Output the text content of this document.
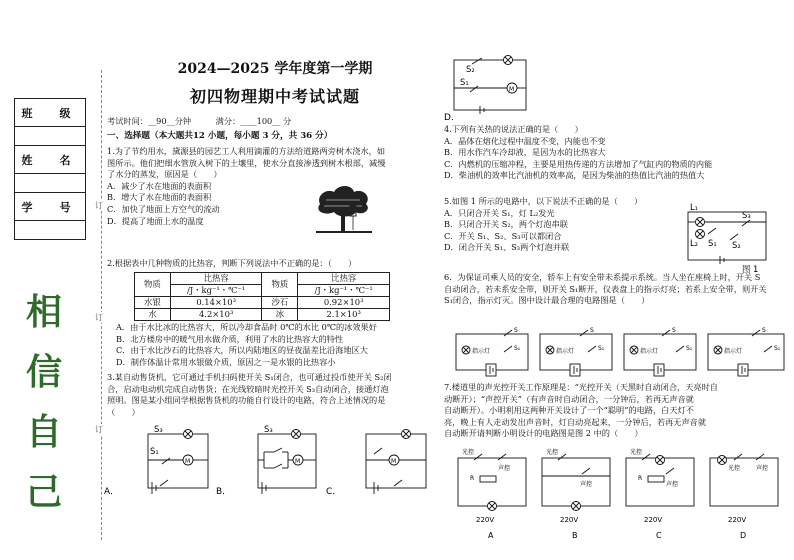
班　级

姓　名

学　号

相
信
自
己
订
订
订
2024—2025 学年度第一学期
初四物理期中考试试题
考试时间：__90__分钟　　　满分：____100__ 分
一、选择题（本大题共12 小题，每小题 3 分，共 36 分）
1.为了节约用水，黛源县的园艺工人利用滴灌的方法给道路两旁树木浇水，如
图所示。他们把细水管放入树下的土壤里，使水分直接渗透到树木根部，减慢
了水分的蒸发，原因是（　　）
A．减少了水在地面的表面积
B．增大了水在地面的表面积
C．加快了地面上方空气的流动
D．提高了地面上水的温度
2.根据表中几种物质的比热容，判断下列说法中不正确的是：（　　）
物质	比热容	物质	比热容
	/J・kg⁻¹・℃⁻¹		/J・kg⁻¹・℃⁻¹
水银	0.14×10³	沙石	0.92×10³
水	4.2×10³	冰	2.1×10³
A．由于水比冰的比热容大，所以冷却食品时 0℃的水比 0℃的冰效果好
B．北方楼房中的暖气用水做介质，利用了水的比热容大的特性
C．由于水比沙石的比热容大，所以内陆地区的昼夜温差比沿海地区大
D．制作体温计常用水银做介质，原因之一是水银的比热容小
3.某自动售货机，它可通过手机扫码使开关 S₁闭合，也可通过投币使开关 S₂闭
合，启动电动机完成自动售货；在光线较暗时光控开关 S₃自动闭合，接通灯泡
照明。图是某小组同学根据售货机的功能自行设计的电路，符合上述情况的是
（　　）
S₃
S₁
M
A．
S₃
M
B．
M
C．
S₂
S₁
M
D.
4.下列有关热的说法正确的是（　　）
A．晶体在熔化过程中温度不变，内能也不变
B．用水作汽车冷却液，是因为水的比热容大
C．内燃机的压缩冲程，主要是用热传递的方法增加了气缸内的物质的内能
D．柴油机的效率比汽油机的效率高，是因为柴油的热值比汽油的热值大
5.如图 1 所示的电路中，以下说法不正确的是（　　）
A．只闭合开关 S₁，灯 L₂发光
B．只闭合开关 S₂，两个灯泡串联
C．开关 S₁、S₂、S₃可以都闭合
D．闭合开关 S₁、S₃两个灯泡并联
L₁
S₃
L₂ S₁ S₂
图 1
6．为保证司乘人员的安全，轿车上有安全带未系提示系统。当人坐在座椅上时，开关 S
自动闭合，若未系安全带，则开关 S₁断开，仪表盘上的指示灯亮；若系上安全带，则开关
S₁闭合，指示灯灭。图中设计最合理的电路图是（　　）
指示灯	指示灯	指示灯	指示灯
S
S₁
S
S₁
S
S₁
S
S₁
7.楼道里的声光控开关工作原理是：“光控开关（天黑时自动闭合，天亮时自
动断开）；“声控开关”（有声音时自动闭合，一分钟后，若再无声音就
自动断开）。小明利用这两种开关设计了一个“聪明”的电路，白天灯不
亮，晚上有人走动发出声音时，灯自动亮起来，一分钟后，若再无声音就
自动断开请判断小明设计的电路图是图 2 中的（　　）
光控
声控
R
光控
声控
光控
声控
R
光控	声控
220V	220V	220V	220V
A	B	C	D
